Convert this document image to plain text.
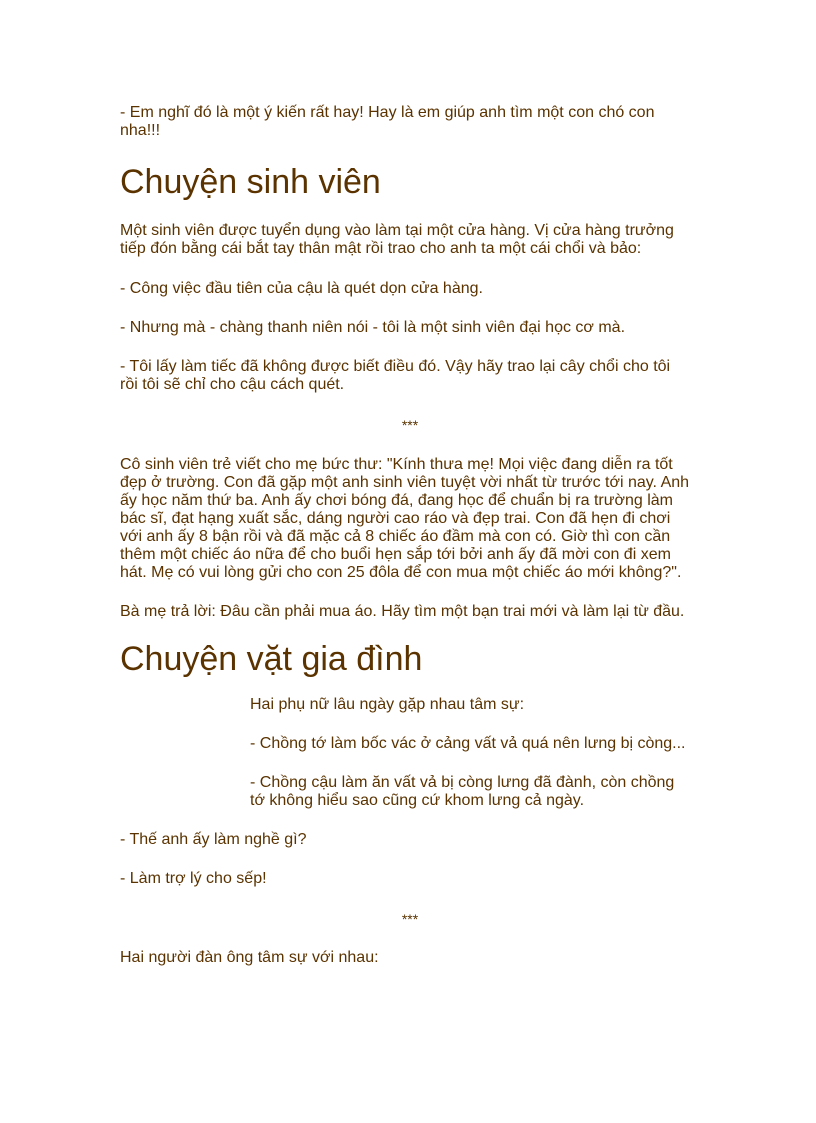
- Em nghĩ đó là một ý kiến rất hay! Hay là em giúp anh tìm một con chó con
nha!!!

Chuyện sinh viên

Một sinh viên được tuyển dụng vào làm tại một cửa hàng. Vị cửa hàng trưởng
tiếp đón bằng cái bắt tay thân mật rồi trao cho anh ta một cái chổi và bảo:

- Công việc đầu tiên của cậu là quét dọn cửa hàng.

- Nhưng mà - chàng thanh niên nói - tôi là một sinh viên đại học cơ mà.

- Tôi lấy làm tiếc đã không được biết điều đó. Vậy hãy trao lại cây chổi cho tôi
rồi tôi sẽ chỉ cho cậu cách quét.

***

Cô sinh viên trẻ viết cho mẹ bức thư: "Kính thưa mẹ! Mọi việc đang diễn ra tốt
đẹp ở trường. Con đã gặp một anh sinh viên tuyệt vời nhất từ trước tới nay. Anh
ấy học năm thứ ba. Anh ấy chơi bóng đá, đang học để chuẩn bị ra trường làm
bác sĩ, đạt hạng xuất sắc, dáng người cao ráo và đẹp trai. Con đã hẹn đi chơi
với anh ấy 8 bận rồi và đã mặc cả 8 chiếc áo đầm mà con có. Giờ thì con cần
thêm một chiếc áo nữa để cho buổi hẹn sắp tới bởi anh ấy đã mời con đi xem
hát. Mẹ có vui lòng gửi cho con 25 đôla để con mua một chiếc áo mới không?".

Bà mẹ trả lời: Đâu cần phải mua áo. Hãy tìm một bạn trai mới và làm lại từ đầu.

Chuyện vặt gia đình

Hai phụ nữ lâu ngày gặp nhau tâm sự:

- Chồng tớ làm bốc vác ở cảng vất vả quá nên lưng bị còng...

- Chồng cậu làm ăn vất vả bị còng lưng đã đành, còn chồng
tớ không hiểu sao cũng cứ khom lưng cả ngày.

- Thế anh ấy làm nghề gì?

- Làm trợ lý cho sếp!

***

Hai người đàn ông tâm sự với nhau:
